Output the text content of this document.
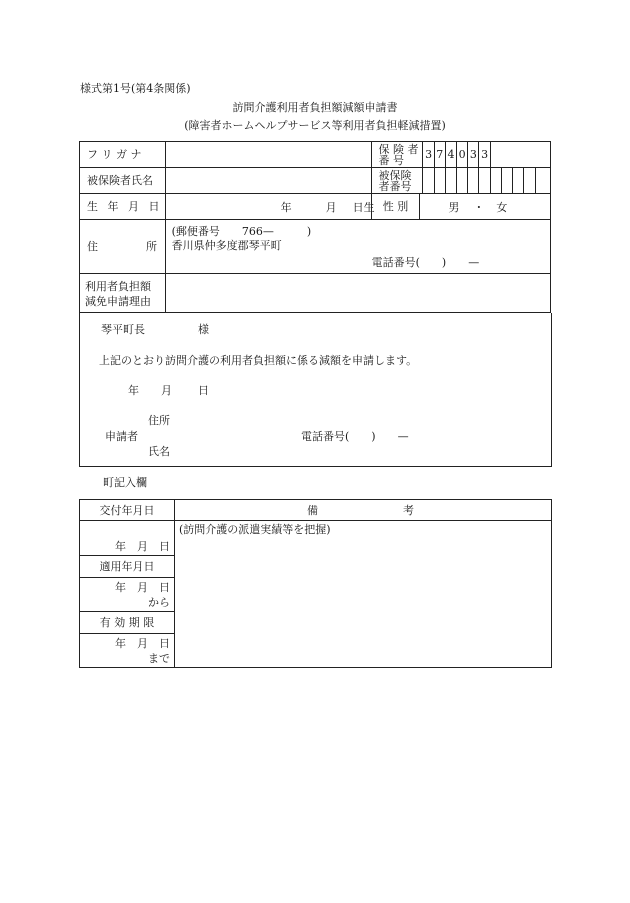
様式第1号(第4条関係)
訪問介護利用者負担額減額申請書
(障害者ホームヘルプサービス等利用者負担軽減措置)
フ リ ガ ナ		保 険 者 番 号		3	7	4	0	3	3					
被保険者氏名		被保険者番号												
生 年 月 日	年 月 日生	性 別	男 ・ 女											

住 所	(郵便番号　　766—　　　)
香川県仲多度郡琴平町
電話番号(　　)　　—													

利用者負担額
減免申請理由														

琴平町長	様
上記のとおり訪問介護の利用者負担額に係る減額を申請します。
年 月 日
住所
申請者	電話番号(　　)　　—
氏名
町記入欄
交付年月日	備 考

年　月　日	(訪問介護の派遣実績等を把握)

適用年月日	

年　月　日
から	

有 効 期 限	

年　月　日
まで	
